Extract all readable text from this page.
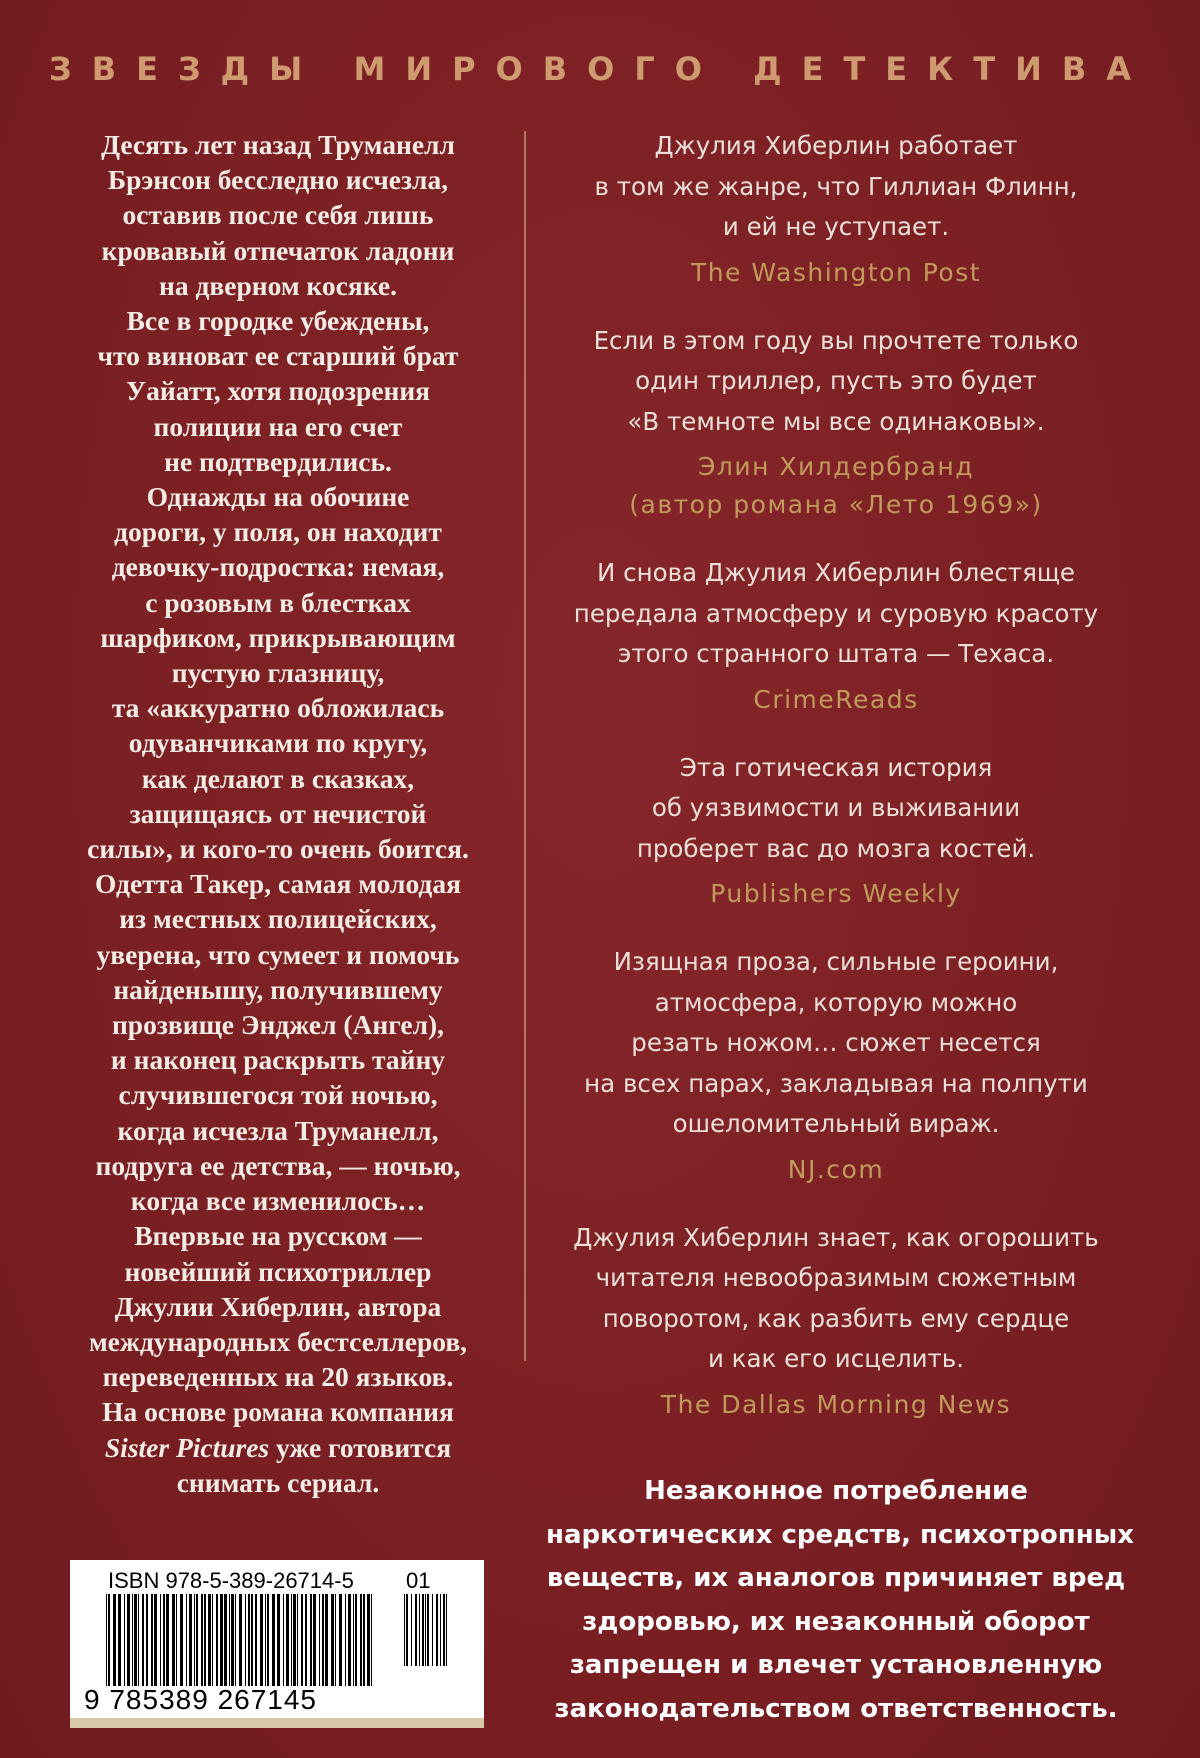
ЗВЕЗДЫ МИРОВОГО ДЕТЕКТИВА
Десять лет назад Труманелл
Брэнсон бесследно исчезла,
оставив после себя лишь
кровавый отпечаток ладони
на дверном косяке.
Все в городке убеждены,
что виноват ее старший брат
Уайатт, хотя подозрения
полиции на его счет
не подтвердились.
Однажды на обочине
дороги, у поля, он находит
девочку-подростка: немая,
с розовым в блестках
шарфиком, прикрывающим
пустую глазницу,
та «аккуратно обложилась
одуванчиками по кругу,
как делают в сказках,
защищаясь от нечистой
силы», и кого-то очень боится.
Одетта Такер, самая молодая
из местных полицейских,
уверена, что сумеет и помочь
найденышу, получившему
прозвище Энджел (Ангел),
и наконец раскрыть тайну
случившегося той ночью,
когда исчезла Труманелл,
подруга ее детства, — ночью,
когда все изменилось…
Впервые на русском —
новейший психотриллер
Джулии Хиберлин, автора
международных бестселлеров,
переведенных на 20 языков.
На основе романа компания
Sister Pictures уже готовится
снимать сериал.
Джулия Хиберлин работает
в том же жанре, что Гиллиан Флинн,
и ей не уступает.
The Washington Post
Если в этом году вы прочтете только
один триллер, пусть это будет
«В темноте мы все одинаковы».
Элин Хилдербранд
(автор романа «Лето 1969»)
И снова Джулия Хиберлин блестяще
передала атмосферу и суровую красоту
этого странного штата — Техаса.
CrimeReads
Эта готическая история
об уязвимости и выживании
проберет вас до мозга костей.
Publishers Weekly
Изящная проза, сильные героини,
атмосфера, которую можно
резать ножом… сюжет несется
на всех парах, закладывая на полпути
ошеломительный вираж.
NJ.com
Джулия Хиберлин знает, как огорошить
читателя невообразимым сюжетным
поворотом, как разбить ему сердце
и как его исцелить.
The Dallas Morning News
Незаконное потребление
наркотических средств, психотропных
веществ, их аналогов причиняет вред
здоровью, их незаконный оборот
запрещен и влечет установленную
законодательством ответственность.
ISBN 978-5-389-26714-5 01
9 785389 267145
